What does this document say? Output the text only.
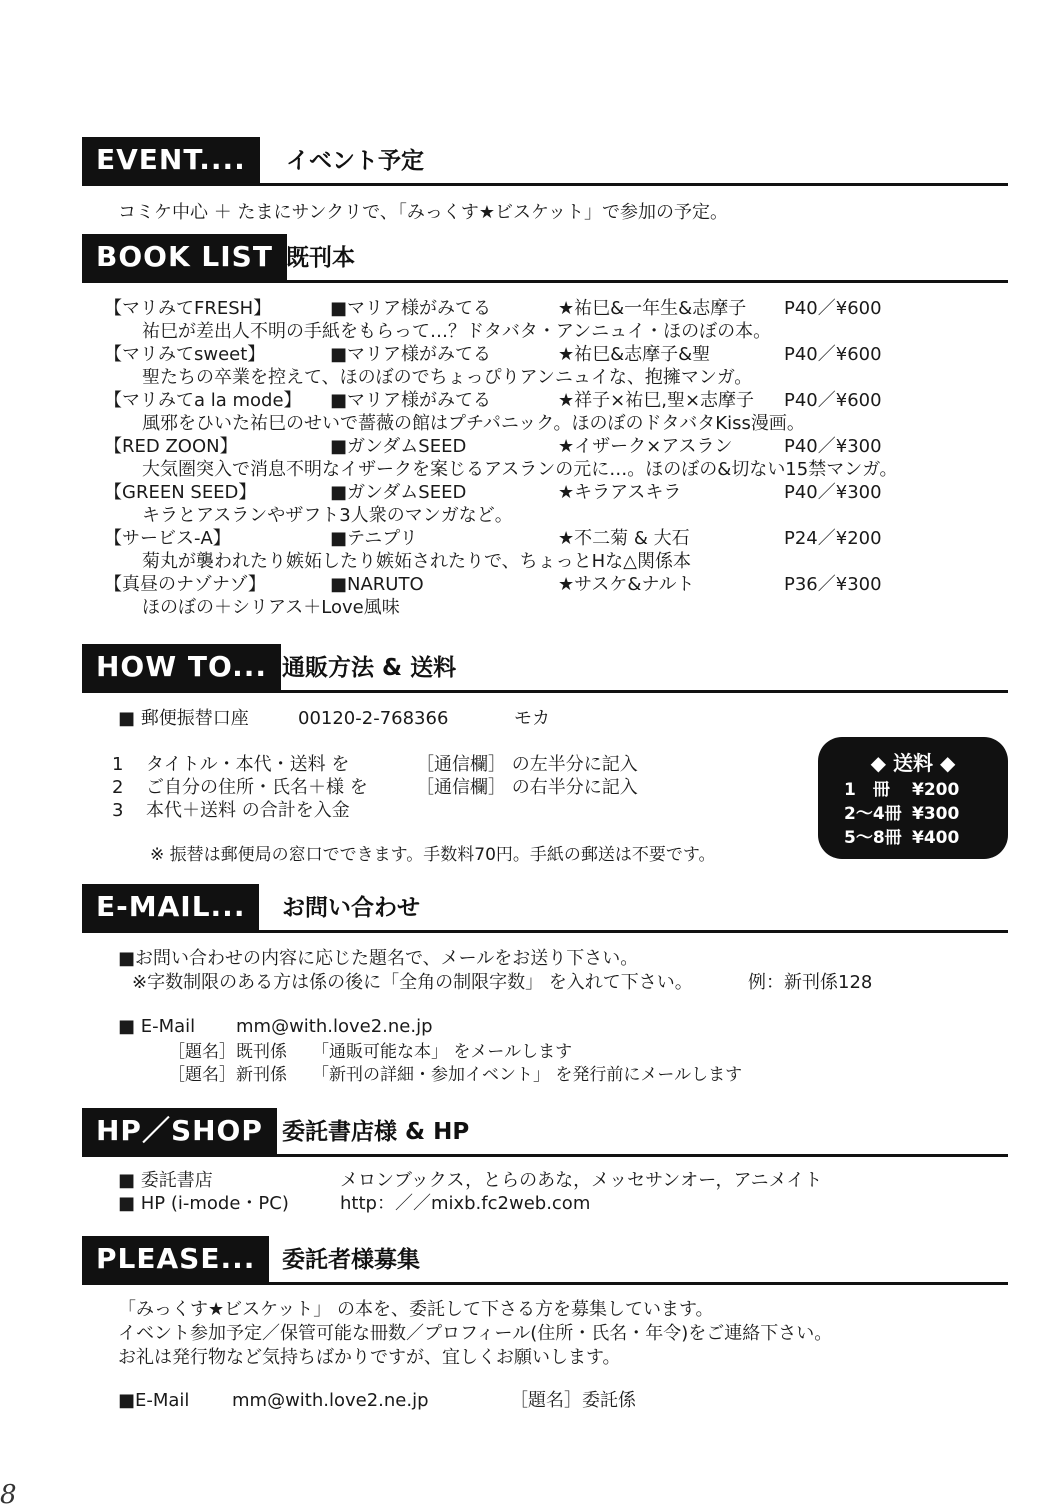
EVENT....	イベント予定
コミケ中心 ＋ たまにサンクリで、「みっくす★ビスケット」で参加の予定。
BOOK LIST 既刊本
【マリみてFRESH】	■マリア様がみてる	★祐巳&一年生&志摩子 P40／¥600
祐巳が差出人不明の手紙をもらって…？ドタバタ・アンニュイ・ほのぼの本。
【マリみてsweet】	■マリア様がみてる	★祐巳&志摩子&聖	P40／¥600
聖たちの卒業を控えて、ほのぼのでちょっぴりアンニュイな、抱擁マンガ。
【マリみてa la mode】 ■マリア様がみてる	★祥子×祐巳,聖×志摩子 P40／¥600
風邪をひいた祐巳のせいで薔薇の館はプチパニック。ほのぼのドタバタKiss漫画。
【RED ZOON】	■ガンダムSEED	★イザーク×アスラン	P40／¥300
大気圏突入で消息不明なイザークを案じるアスランの元に…。ほのぼの&切ない15禁マンガ。
【GREEN SEED】	■ガンダムSEED	★キラアスキラ	P40／¥300
キラとアスランやザフト3人衆のマンガなど。
【サービス-A】	■テニプリ	★不二菊 & 大石	P24／¥200
菊丸が襲われたり嫉妬したり嫉妬されたりで、ちょっとHな△関係本
【真昼のナゾナゾ】	■NARUTO	★サスケ&ナルト	P36／¥300
ほのぼの＋シリアス＋Love風味
HOW TO... 通販方法 & 送料
■ 郵便振替口座	00120-2-768366	モカ
1 タイトル・本代・送料 を	［通信欄］ の左半分に記入
2 ご自分の住所・氏名＋様 を	［通信欄］ の右半分に記入
3 本代＋送料 の合計を入金
※ 振替は郵便局の窓口でできます。手数料70円。手紙の郵送は不要です。
◆ 送料 ◆
1　冊 ¥200
2～4冊 ¥300
5～8冊 ¥400
E-MAIL...	お問い合わせ
■お問い合わせの内容に応じた題名で、メールをお送り下さい。
※字数制限のある方は係の後に「全角の制限字数」 を入れて下さい。	例：新刊係128
■ E-Mail mm@with.love2.ne.jp
［題名］既刊係 「通販可能な本」 をメールします
［題名］新刊係 「新刊の詳細・参加イベント」 を発行前にメールします
HP／SHOP 委託書店様 & HP
■ 委託書店	メロンブックス，とらのあな，メッセサンオー，アニメイト
■ HP (i-mode・PC)	http：／／mixb.fc2web.com
PLEASE...	委託者様募集
「みっくす★ビスケット」 の本を、委託して下さる方を募集しています。
イベント参加予定／保管可能な冊数／プロフィール(住所・氏名・年令)をご連絡下さい。
お礼は発行物など気持ちばかりですが、宜しくお願いします。
■E-Mail mm@with.love2.ne.jp	［題名］委託係
8
